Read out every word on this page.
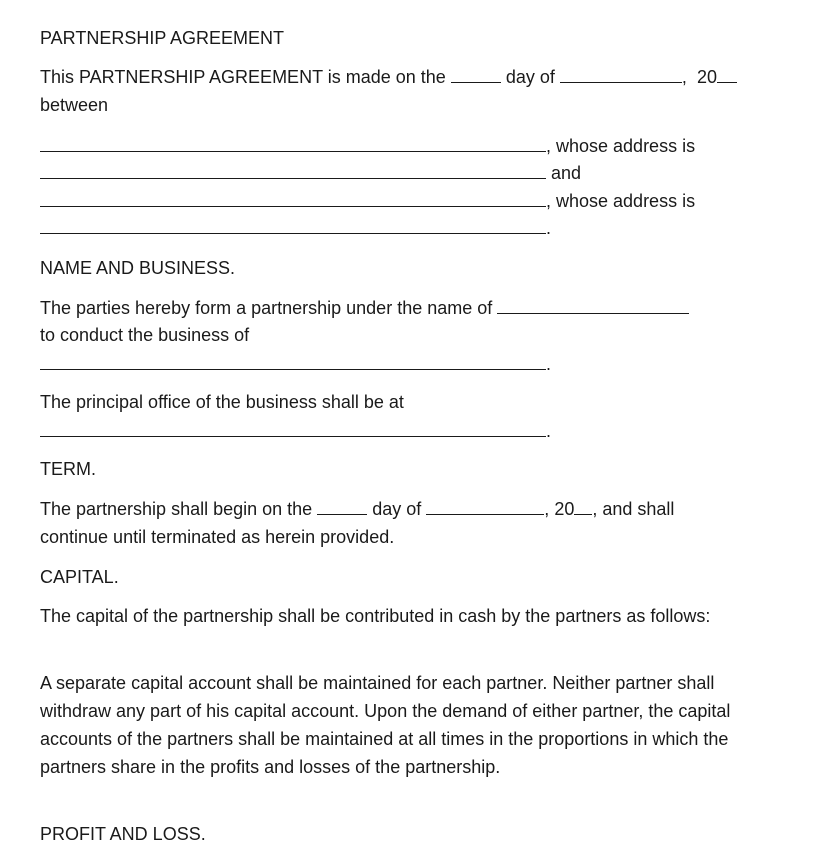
PARTNERSHIP AGREEMENT
This PARTNERSHIP AGREEMENT is made on the	day of	, 20
between
, whose address is
and
, whose address is
.
NAME AND BUSINESS.
The parties hereby form a partnership under the name of
to conduct the business of
.
The principal office of the business shall be at
.
TERM.
The partnership shall begin on the	day of	, 20 , and shall
continue until terminated as herein provided.
CAPITAL.
The capital of the partnership shall be contributed in cash by the partners as follows:
A separate capital account shall be maintained for each partner. Neither partner shall withdraw any part of his capital account. Upon the demand of either partner, the capital accounts of the partners shall be maintained at all times in the proportions in which the partners share in the profits and losses of the partnership.
PROFIT AND LOSS.
